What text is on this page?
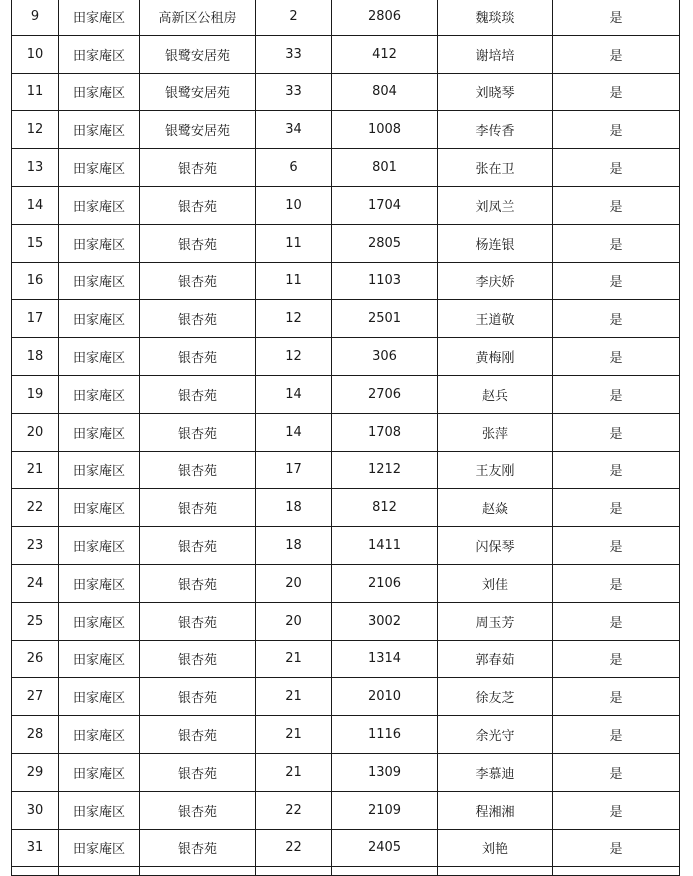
9	田家庵区	高新区公租房	2	2806	魏琰琰	是
10	田家庵区	银鹭安居苑	33	412	谢培培	是
11	田家庵区	银鹭安居苑	33	804	刘晓琴	是
12	田家庵区	银鹭安居苑	34	1008	李传香	是
13	田家庵区	银杏苑	6	801	张在卫	是
14	田家庵区	银杏苑	10	1704	刘凤兰	是
15	田家庵区	银杏苑	11	2805	杨连银	是
16	田家庵区	银杏苑	11	1103	李庆娇	是
17	田家庵区	银杏苑	12	2501	王道敬	是
18	田家庵区	银杏苑	12	306	黄梅刚	是
19	田家庵区	银杏苑	14	2706	赵兵	是
20	田家庵区	银杏苑	14	1708	张萍	是
21	田家庵区	银杏苑	17	1212	王友刚	是
22	田家庵区	银杏苑	18	812	赵焱	是
23	田家庵区	银杏苑	18	1411	闪保琴	是
24	田家庵区	银杏苑	20	2106	刘佳	是
25	田家庵区	银杏苑	20	3002	周玉芳	是
26	田家庵区	银杏苑	21	1314	郭春茹	是
27	田家庵区	银杏苑	21	2010	徐友芝	是
28	田家庵区	银杏苑	21	1116	余光守	是
29	田家庵区	银杏苑	21	1309	李慕迪	是
30	田家庵区	银杏苑	22	2109	程湘湘	是
31	田家庵区	银杏苑	22	2405	刘艳	是
